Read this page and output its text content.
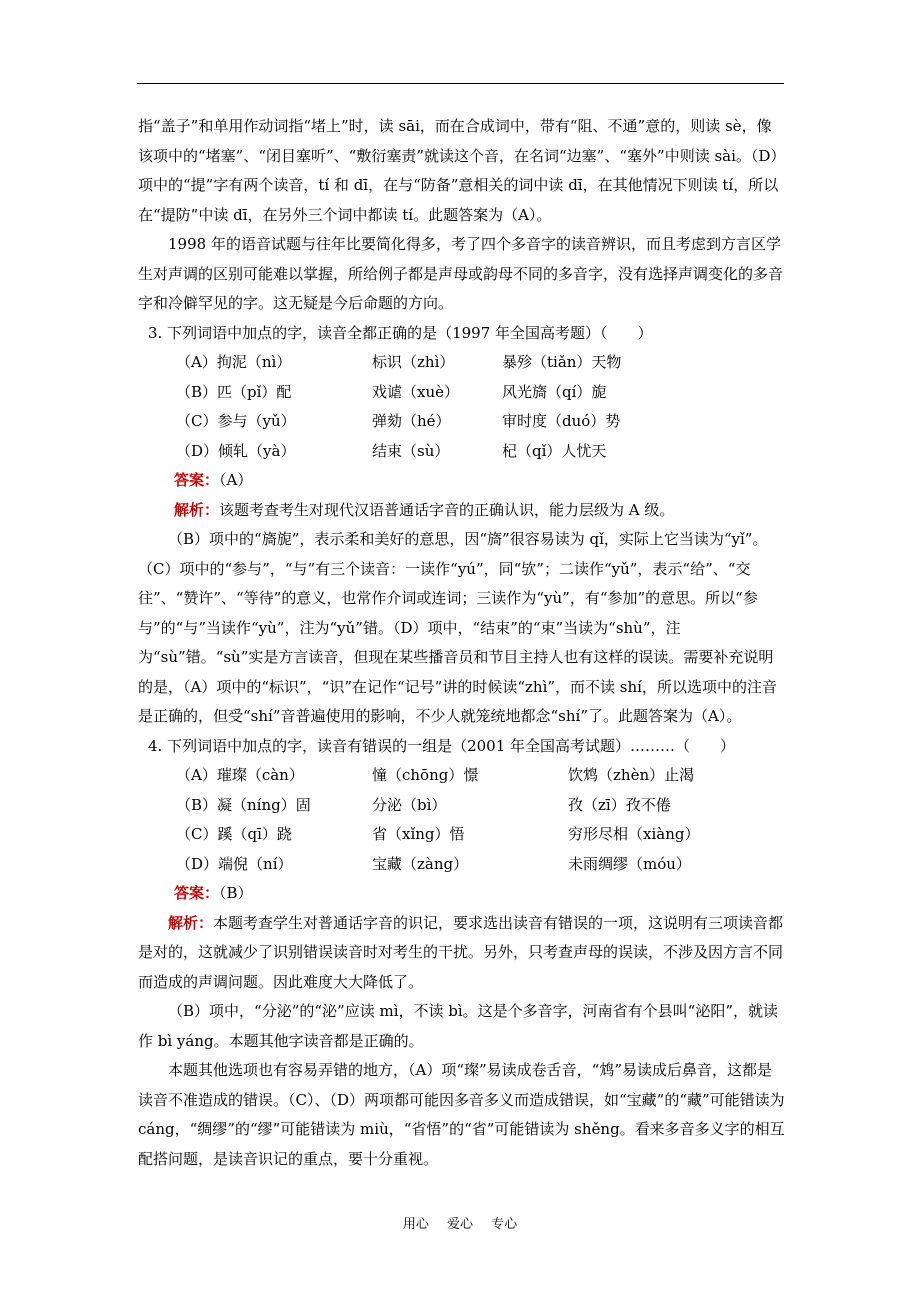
指“盖子”和单用作动词指“堵上”时，读 sāi，而在合成词中，带有“阻、不通”意的，则读 sè，像该项中的“堵塞”、“闭目塞听”、“敷衍塞责”就读这个音，在名词“边塞”、“塞外”中则读 sài。（D）项中的“提”字有两个读音，tí 和 dī，在与“防备”意相关的词中读 dī，在其他情况下则读 tí，所以在“提防”中读 dī，在另外三个词中都读 tí。此题答案为（A）。

1998 年的语音试题与往年比要简化得多，考了四个多音字的读音辨识，而且考虑到方言区学生对声调的区别可能难以掌握，所给例子都是声母或韵母不同的多音字，没有选择声调变化的多音字和冷僻罕见的字。这无疑是今后命题的方向。

3. 下列词语中加点的字，读音全都正确的是（1997 年全国高考题）（　　）

（A）拘泥（nì）	标识（zhì）	暴殄（tiǎn）天物
（B）匹（pǐ）配	戏谑（xuè）	风光旖（qí）旎
（C）参与（yǔ）	弹劾（hé）	审时度（duó）势
（D）倾轧（yà）	结束（sù）	杞（qǐ）人忧天

答案：（A）

解析：该题考查考生对现代汉语普通话字音的正确认识，能力层级为 A 级。

（B）项中的“旖旎”，表示柔和美好的意思，因“旖”很容易读为 qǐ，实际上它当读为“yǐ”。（C）项中的“参与”，“与”有三个读音：一读作“yú”，同“欤”；二读作“yǔ”，表示“给”、“交往”、“赞许”、“等待”的意义，也常作介词或连词；三读作为“yù”，有“参加”的意思。所以“参与”的“与”当读作“yù”，注为“yǔ”错。（D）项中，“结束”的“束”当读为“shù”，注为“sù”错。“sù”实是方言读音，但现在某些播音员和节目主持人也有这样的误读。需要补充说明的是，（A）项中的“标识”，“识”在记作“记号”讲的时候读“zhì”，而不读 shí，所以选项中的注音是正确的，但受“shí”音普遍使用的影响，不少人就笼统地都念“shí”了。此题答案为（A）。

4. 下列词语中加点的字，读音有错误的一组是（2001 年全国高考试题）………（　　）

（A）璀璨（càn）	憧（chōng）憬	饮鸩（zhèn）止渴
（B）凝（níng）固	分泌（bì）	孜（zī）孜不倦
（C）蹊（qī）跷	省（xǐng）悟	穷形尽相（xiàng）
（D）端倪（ní）	宝藏（zàng）	未雨绸缪（móu）

答案：（B）

解析：本题考查学生对普通话字音的识记，要求选出读音有错误的一项，这说明有三项读音都是对的，这就减少了识别错误读音时对考生的干扰。另外，只考查声母的误读，不涉及因方言不同而造成的声调问题。因此难度大大降低了。

（B）项中，“分泌”的“泌”应读 mì，不读 bì。这是个多音字，河南省有个县叫“泌阳”，就读作 bì yáng。本题其他字读音都是正确的。

本题其他选项也有容易弄错的地方，（A）项“璨”易读成卷舌音，“鸩”易读成后鼻音，这都是读音不准造成的错误。（C）、（D）两项都可能因多音多义而造成错误，如“宝藏”的“藏”可能错读为 cáng，“绸缪”的“缪”可能错读为 miù，“省悟”的“省”可能错读为 shěng。看来多音多义字的相互配搭问题，是读音识记的重点，要十分重视。

用心 爱心 专心
